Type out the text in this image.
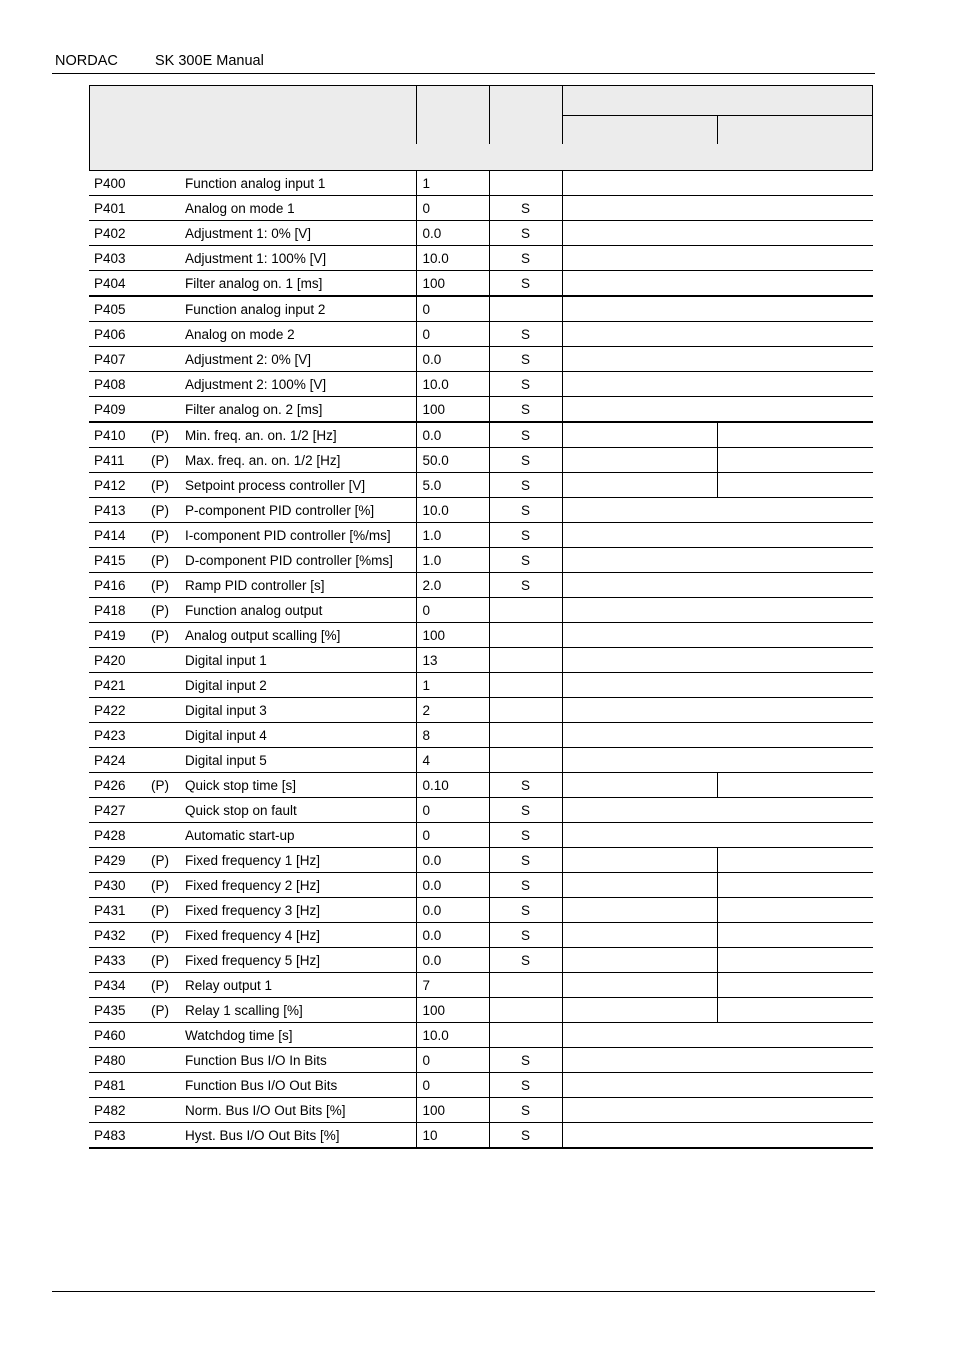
NORDAC	SK 300E Manual
P400		Function analog input 1	1			
P401		Analog on mode 1	0	S		
P402		Adjustment 1: 0% [V]	0.0	S		
P403		Adjustment 1: 100% [V]	10.0	S		
P404		Filter analog on. 1 [ms]	100	S		
P405		Function analog input 2	0			
P406		Analog on mode 2	0	S		
P407		Adjustment 2: 0% [V]	0.0	S		
P408		Adjustment 2: 100% [V]	10.0	S		
P409		Filter analog on. 2 [ms]	100	S		
P410	(P)	Min. freq. an. on. 1/2 [Hz]	0.0	S		
P411	(P)	Max. freq. an. on. 1/2 [Hz]	50.0	S		
P412	(P)	Setpoint process controller [V]	5.0	S		
P413	(P)	P-component PID controller [%]	10.0	S		
P414	(P)	I-component PID controller [%/ms]	1.0	S		
P415	(P)	D-component PID controller [%ms]	1.0	S		
P416	(P)	Ramp PID controller [s]	2.0	S		
P418	(P)	Function analog output	0			
P419	(P)	Analog output scalling [%]	100			
P420		Digital input 1	13			
P421		Digital input 2	1			
P422		Digital input 3	2			
P423		Digital input 4	8			
P424		Digital input 5	4			
P426	(P)	Quick stop time [s]	0.10	S		
P427		Quick stop on fault	0	S		
P428		Automatic start-up	0	S		
P429	(P)	Fixed frequency 1 [Hz]	0.0	S		
P430	(P)	Fixed frequency 2 [Hz]	0.0	S		
P431	(P)	Fixed frequency 3 [Hz]	0.0	S		
P432	(P)	Fixed frequency 4 [Hz]	0.0	S		
P433	(P)	Fixed frequency 5 [Hz]	0.0	S		
P434	(P)	Relay output 1	7			
P435	(P)	Relay 1 scalling [%]	100			
P460		Watchdog time [s]	10.0			
P480		Function Bus I/O In Bits	0	S		
P481		Function Bus I/O Out Bits	0	S		
P482		Norm. Bus I/O Out Bits [%]	100	S		
P483		Hyst. Bus I/O Out Bits [%]	10	S		
